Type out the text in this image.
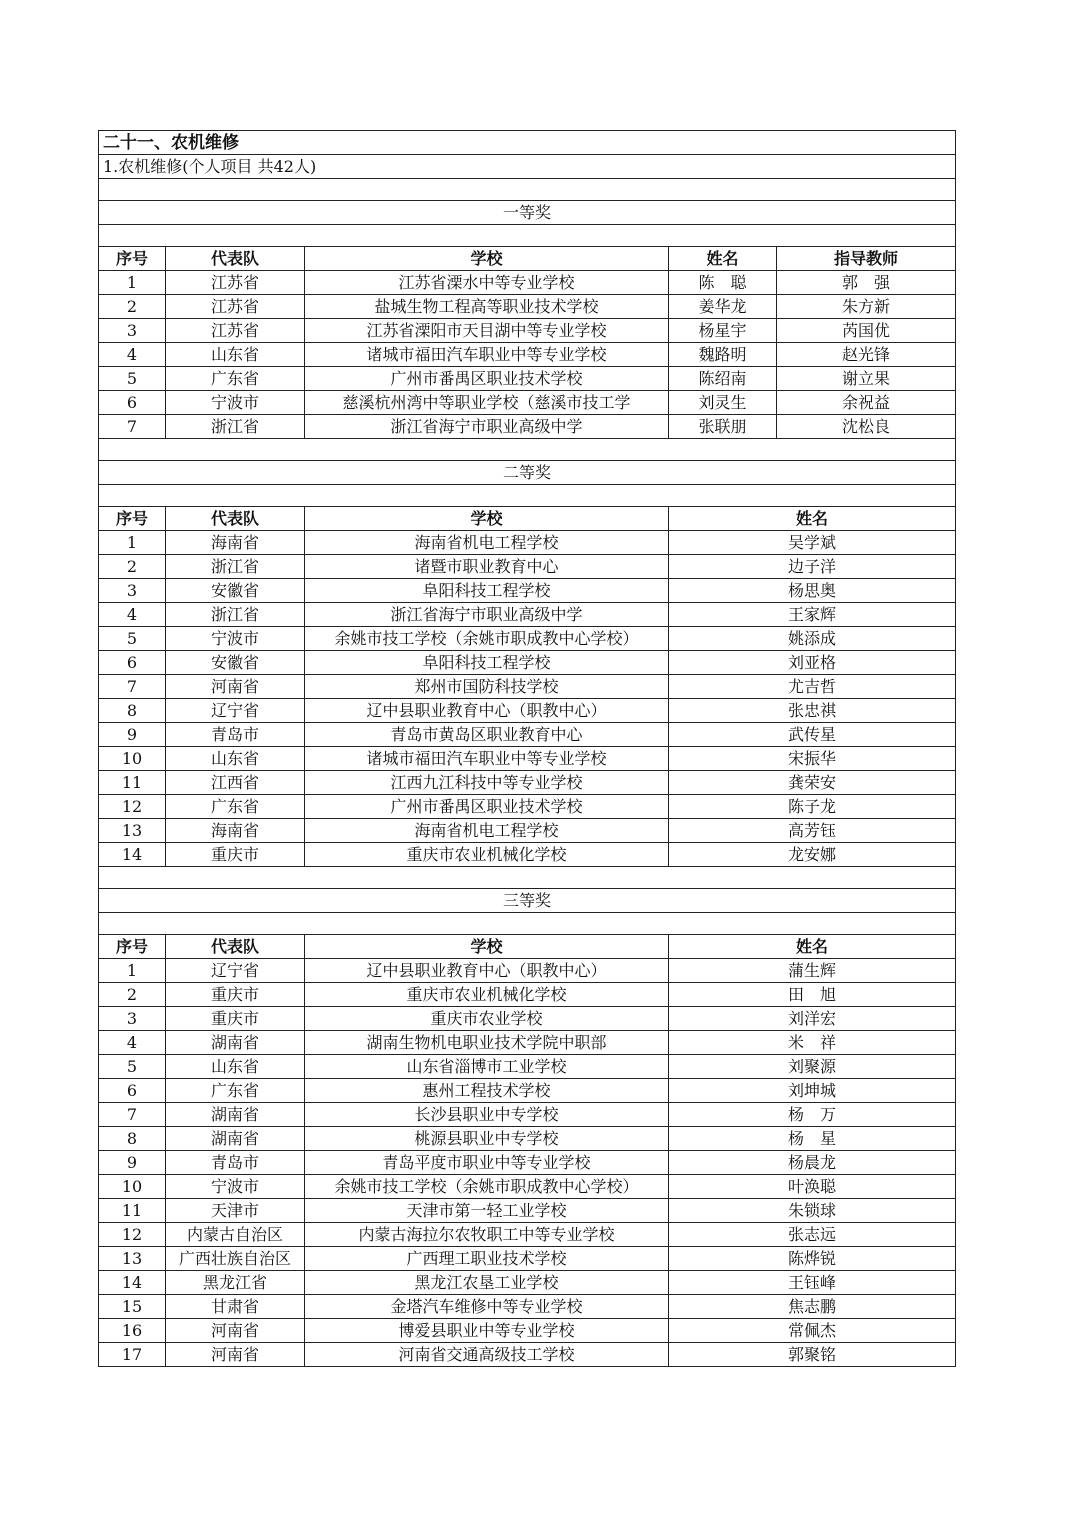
二十一、农机维修				
1.农机维修(个人项目 共42人)				

一等奖				

序号	代表队	学校	姓名	指导教师
1	江苏省	江苏省溧水中等专业学校	陈　聪	郭　强
2	江苏省	盐城生物工程高等职业技术学校	姜华龙	朱方新
3	江苏省	江苏省溧阳市天目湖中等专业学校	杨星宇	芮国优
4	山东省	诸城市福田汽车职业中等专业学校	魏路明	赵光锋
5	广东省	广州市番禺区职业技术学校	陈绍南	谢立果
6	宁波市	慈溪杭州湾中等职业学校（慈溪市技工学	刘灵生	余祝益
7	浙江省	浙江省海宁市职业高级中学	张联朋	沈松良

二等奖				

序号	代表队	学校	姓名	
1	海南省	海南省机电工程学校	吴学斌	
2	浙江省	诸暨市职业教育中心	边子洋	
3	安徽省	阜阳科技工程学校	杨思奥	
4	浙江省	浙江省海宁市职业高级中学	王家辉	
5	宁波市	余姚市技工学校（余姚市职成教中心学校）	姚添成	
6	安徽省	阜阳科技工程学校	刘亚格	
7	河南省	郑州市国防科技学校	尤吉哲	
8	辽宁省	辽中县职业教育中心（职教中心）	张忠祺	
9	青岛市	青岛市黄岛区职业教育中心	武传星	
10	山东省	诸城市福田汽车职业中等专业学校	宋振华	
11	江西省	江西九江科技中等专业学校	龚荣安	
12	广东省	广州市番禺区职业技术学校	陈子龙	
13	海南省	海南省机电工程学校	高芳钰	
14	重庆市	重庆市农业机械化学校	龙安娜	

三等奖				

序号	代表队	学校	姓名	
1	辽宁省	辽中县职业教育中心（职教中心）	蒲生辉	
2	重庆市	重庆市农业机械化学校	田　旭	
3	重庆市	重庆市农业学校	刘洋宏	
4	湖南省	湖南生物机电职业技术学院中职部	米　祥	
5	山东省	山东省淄博市工业学校	刘聚源	
6	广东省	惠州工程技术学校	刘坤城	
7	湖南省	长沙县职业中专学校	杨　万	
8	湖南省	桃源县职业中专学校	杨　星	
9	青岛市	青岛平度市职业中等专业学校	杨晨龙	
10	宁波市	余姚市技工学校（余姚市职成教中心学校）	叶涣聪	
11	天津市	天津市第一轻工业学校	朱锁球	
12	内蒙古自治区	内蒙古海拉尔农牧职工中等专业学校	张志远	
13	广西壮族自治区	广西理工职业技术学校	陈烨锐	
14	黑龙江省	黑龙江农垦工业学校	王钰峰	
15	甘肃省	金塔汽车维修中等专业学校	焦志鹏	
16	河南省	博爱县职业中等专业学校	常佩杰	
17	河南省	河南省交通高级技工学校	郭聚铭	
